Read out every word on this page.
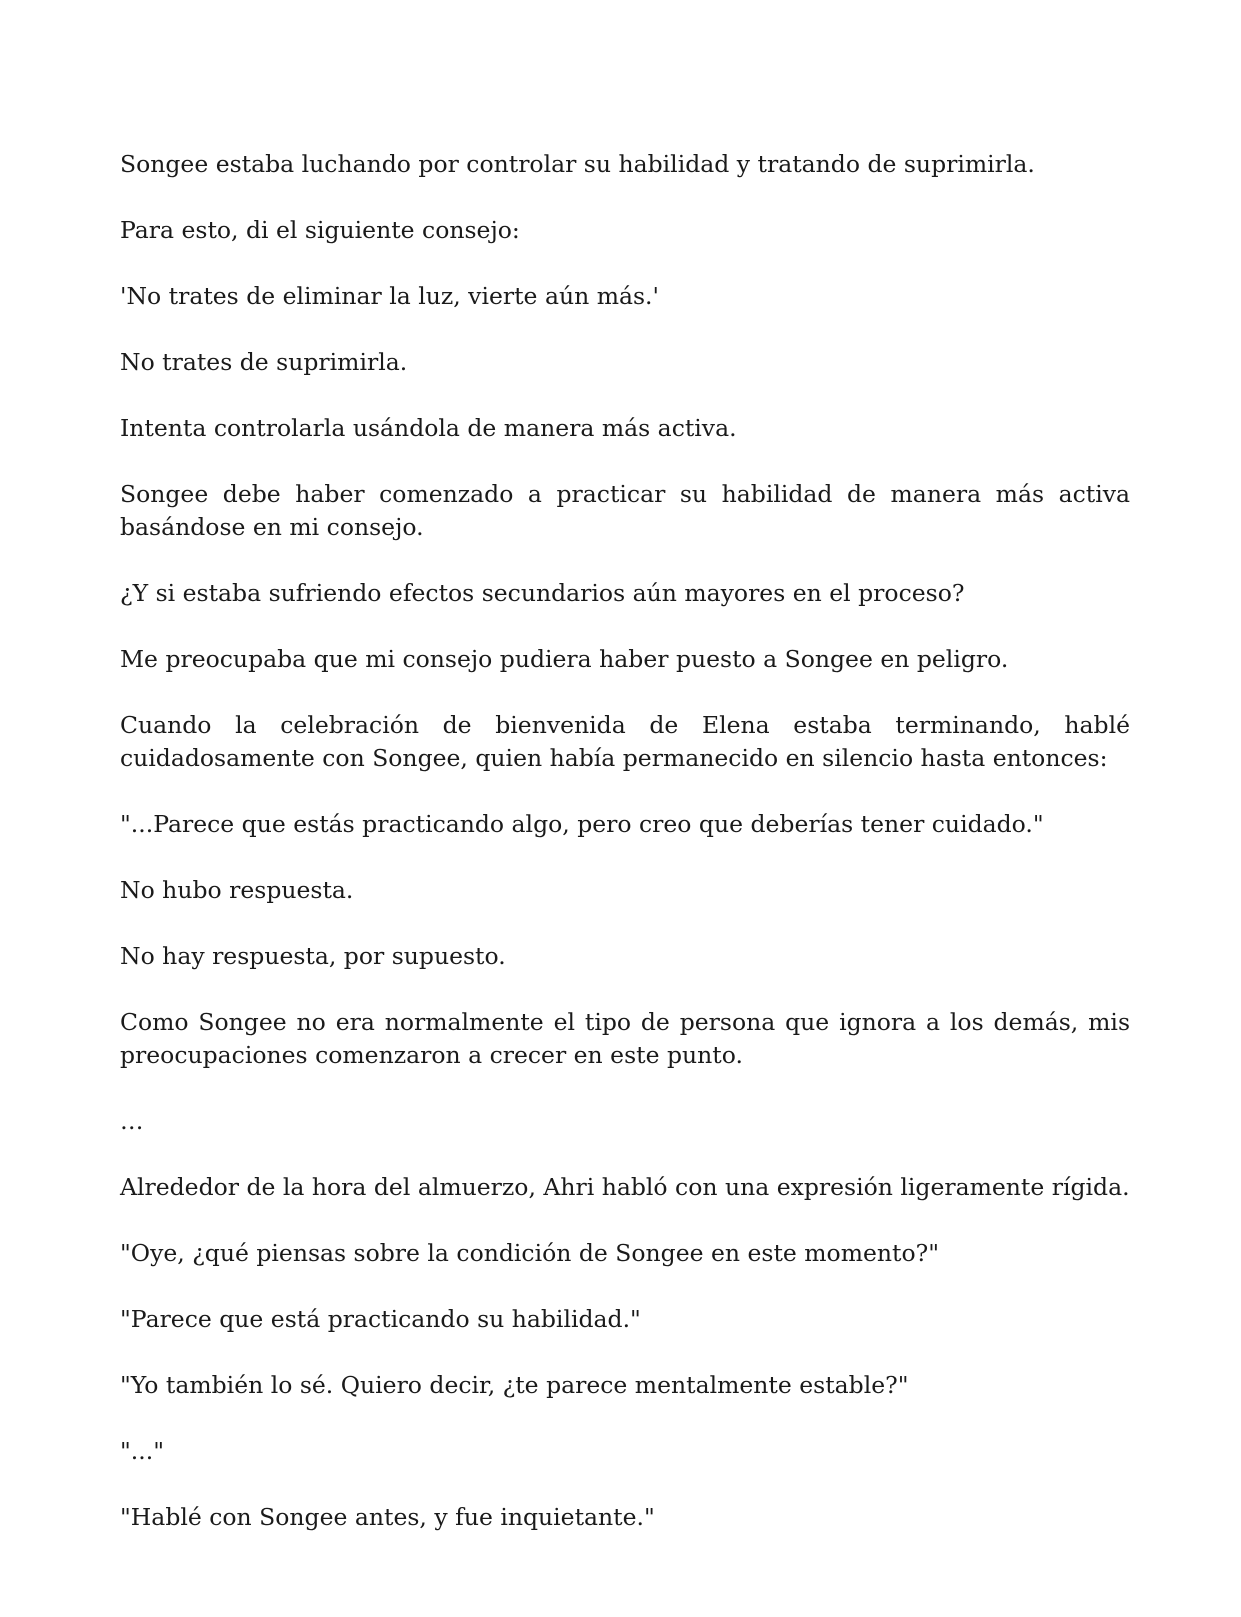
Songee estaba luchando por controlar su habilidad y tratando de suprimirla.

Para esto, di el siguiente consejo:

'No trates de eliminar la luz, vierte aún más.'

No trates de suprimirla.

Intenta controlarla usándola de manera más activa.

Songee debe haber comenzado a practicar su habilidad de manera más activa basándose en mi consejo.

¿Y si estaba sufriendo efectos secundarios aún mayores en el proceso?

Me preocupaba que mi consejo pudiera haber puesto a Songee en peligro.

Cuando la celebración de bienvenida de Elena estaba terminando, hablé cuidadosamente con Songee, quien había permanecido en silencio hasta entonces:

"...Parece que estás practicando algo, pero creo que deberías tener cuidado."

No hubo respuesta.

No hay respuesta, por supuesto.

Como Songee no era normalmente el tipo de persona que ignora a los demás, mis preocupaciones comenzaron a crecer en este punto.

…

Alrededor de la hora del almuerzo, Ahri habló con una expresión ligeramente rígida.

"Oye, ¿qué piensas sobre la condición de Songee en este momento?"

"Parece que está practicando su habilidad."

"Yo también lo sé. Quiero decir, ¿te parece mentalmente estable?"

"..."

"Hablé con Songee antes, y fue inquietante."
